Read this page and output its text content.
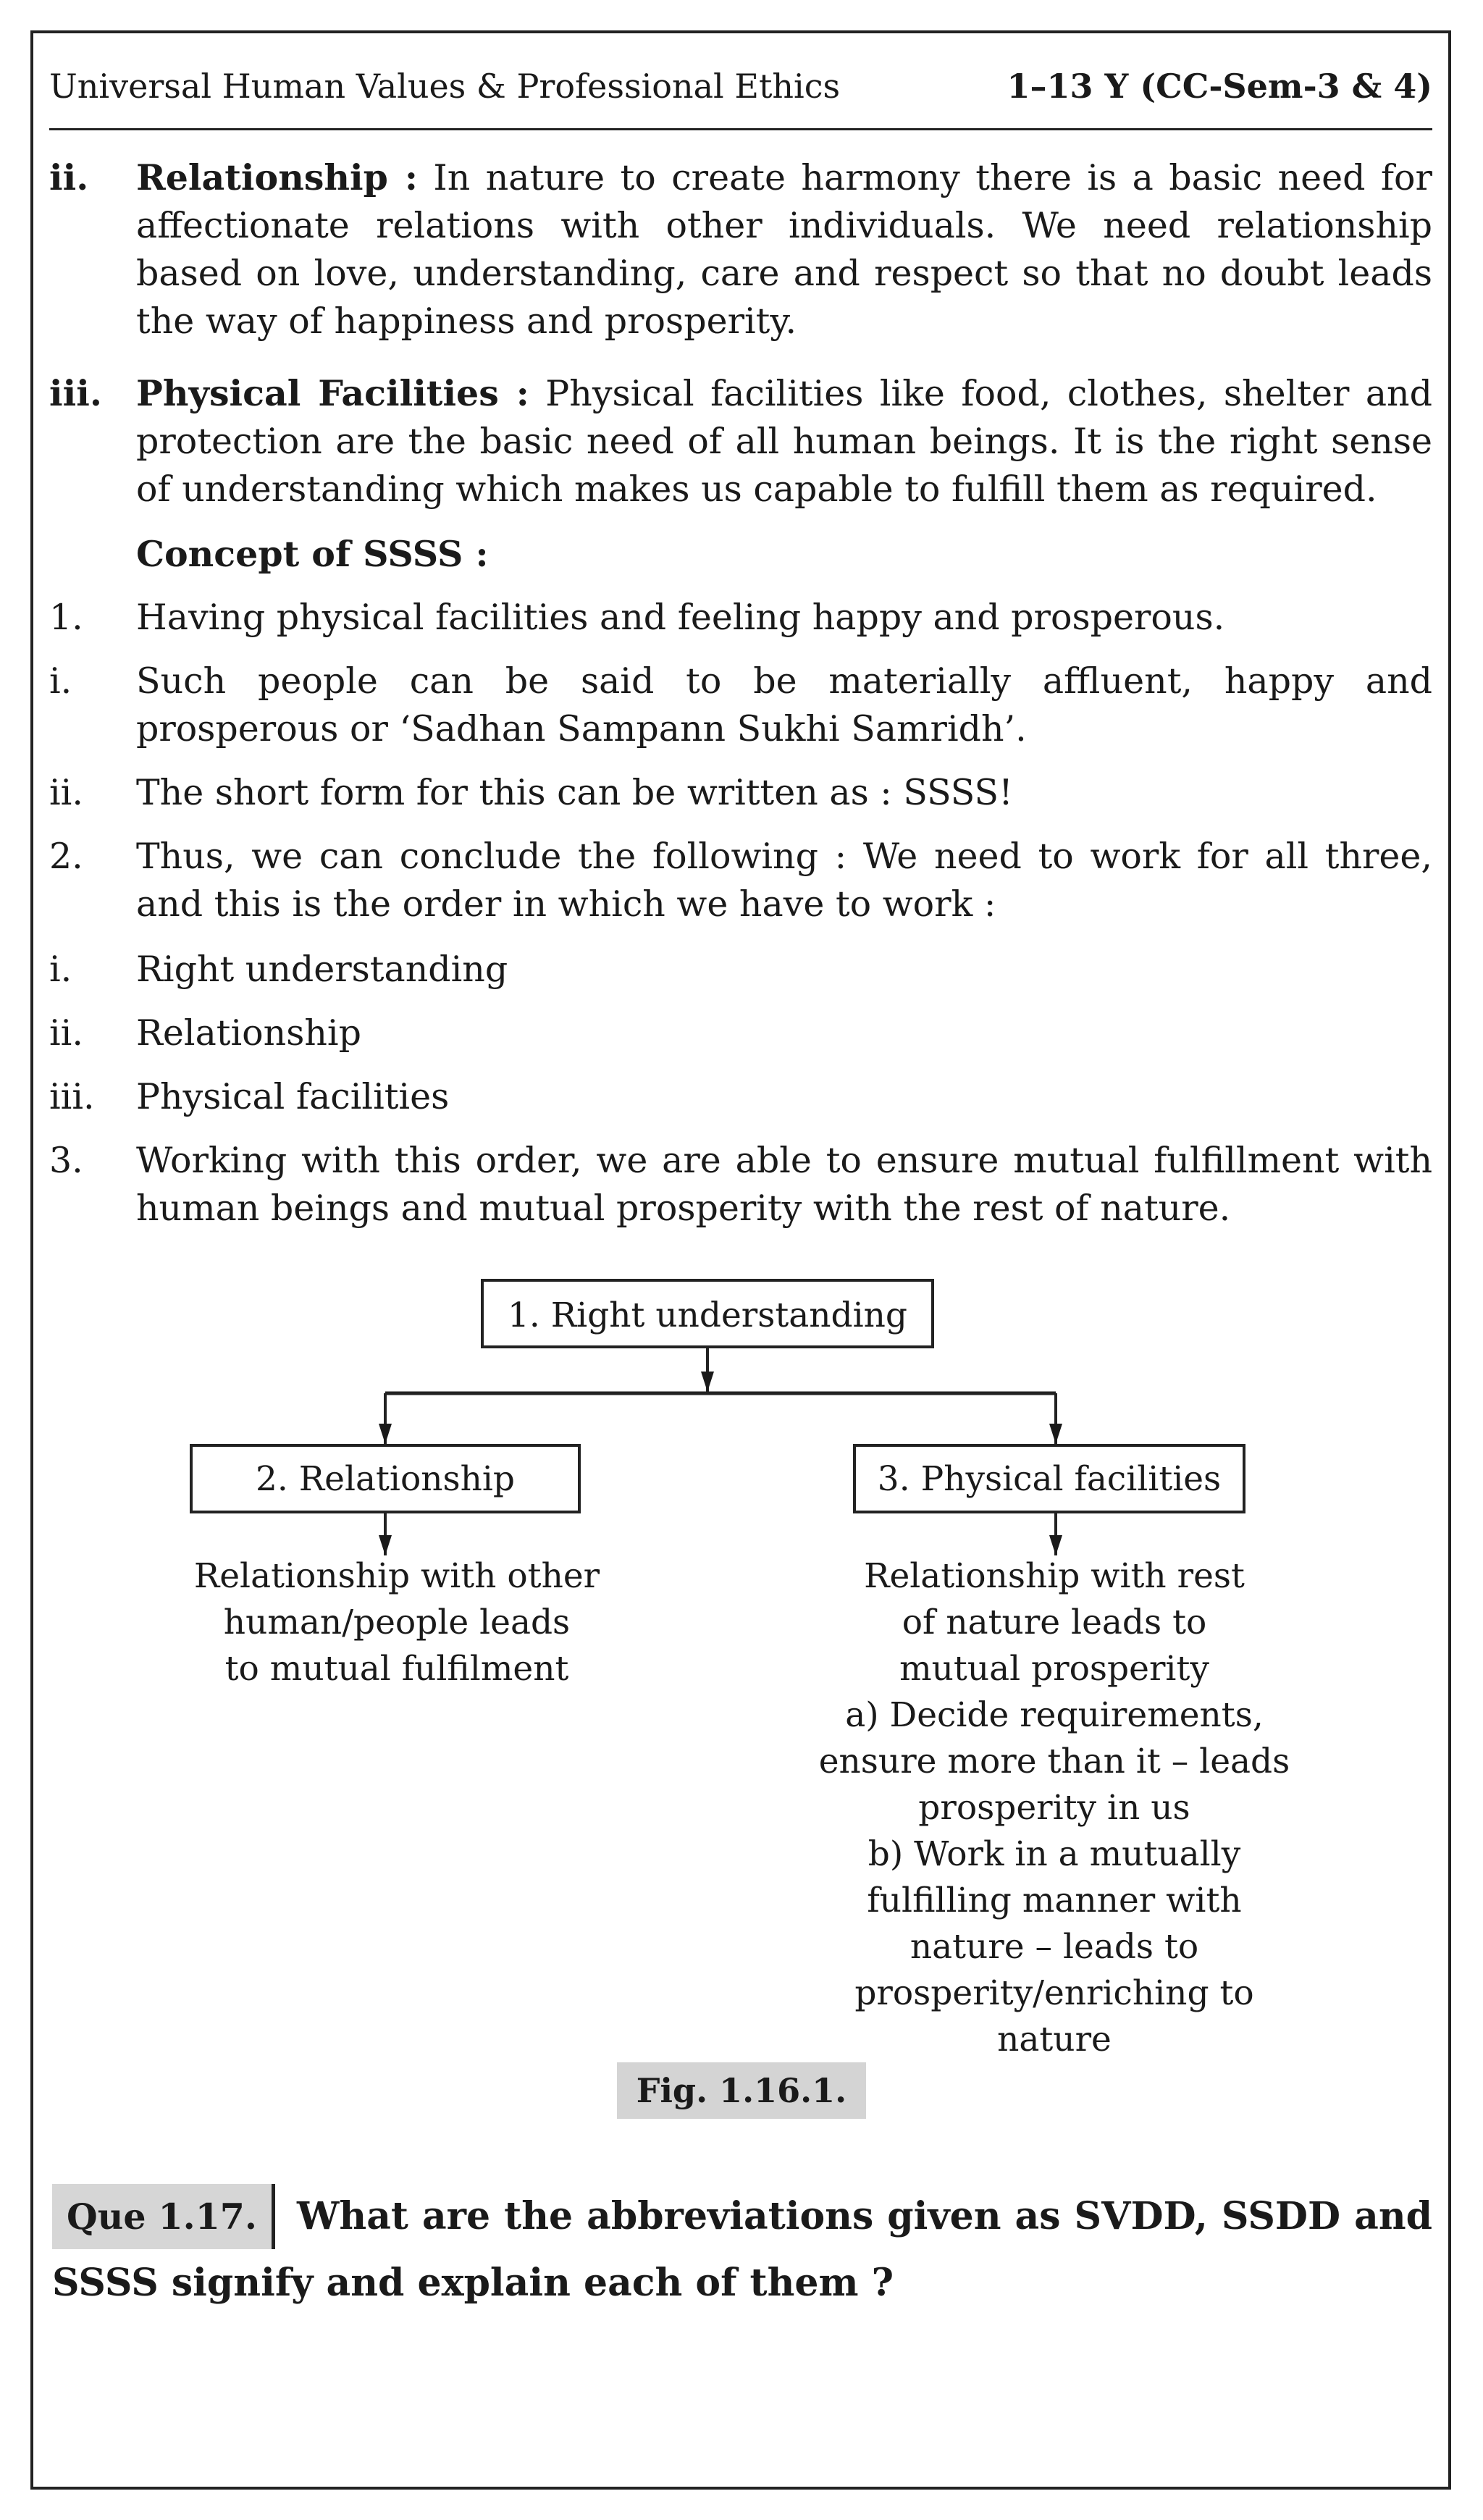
Universal Human Values & Professional Ethics	1–13 Y (CC-Sem-3 & 4)
ii. Relationship : In nature to create harmony there is a basic need for affectionate relations with other individuals. We need relationship based on love, understanding, care and respect so that no doubt leads the way of happiness and prosperity.
iii. Physical Facilities : Physical facilities like food, clothes, shelter and protection are the basic need of all human beings. It is the right sense of understanding which makes us capable to fulfill them as required.
Concept of SSSS :
1. Having physical facilities and feeling happy and prosperous.
i. Such people can be said to be materially affluent, happy and prosperous or ‘Sadhan Sampann Sukhi Samridh’.
ii. The short form for this can be written as : SSSS!
2. Thus, we can conclude the following : We need to work for all three, and this is the order in which we have to work :
i. Right understanding
ii. Relationship
iii. Physical facilities
3. Working with this order, we are able to ensure mutual fulfillment with human beings and mutual prosperity with the rest of nature.
1. Right understanding
2. Relationship	3. Physical facilities
Relationship with other
human/people leads
to mutual fulfilment
Relationship with rest
of nature leads to
mutual prosperity
a) Decide requirements,
ensure more than it – leads
prosperity in us
b) Work in a mutually
fulfilling manner with
nature – leads to
prosperity/enriching to
nature
Fig. 1.16.1.
Que 1.17.	What are the abbreviations given as SVDD, SSDD and
SSSS signify and explain each of them ?
